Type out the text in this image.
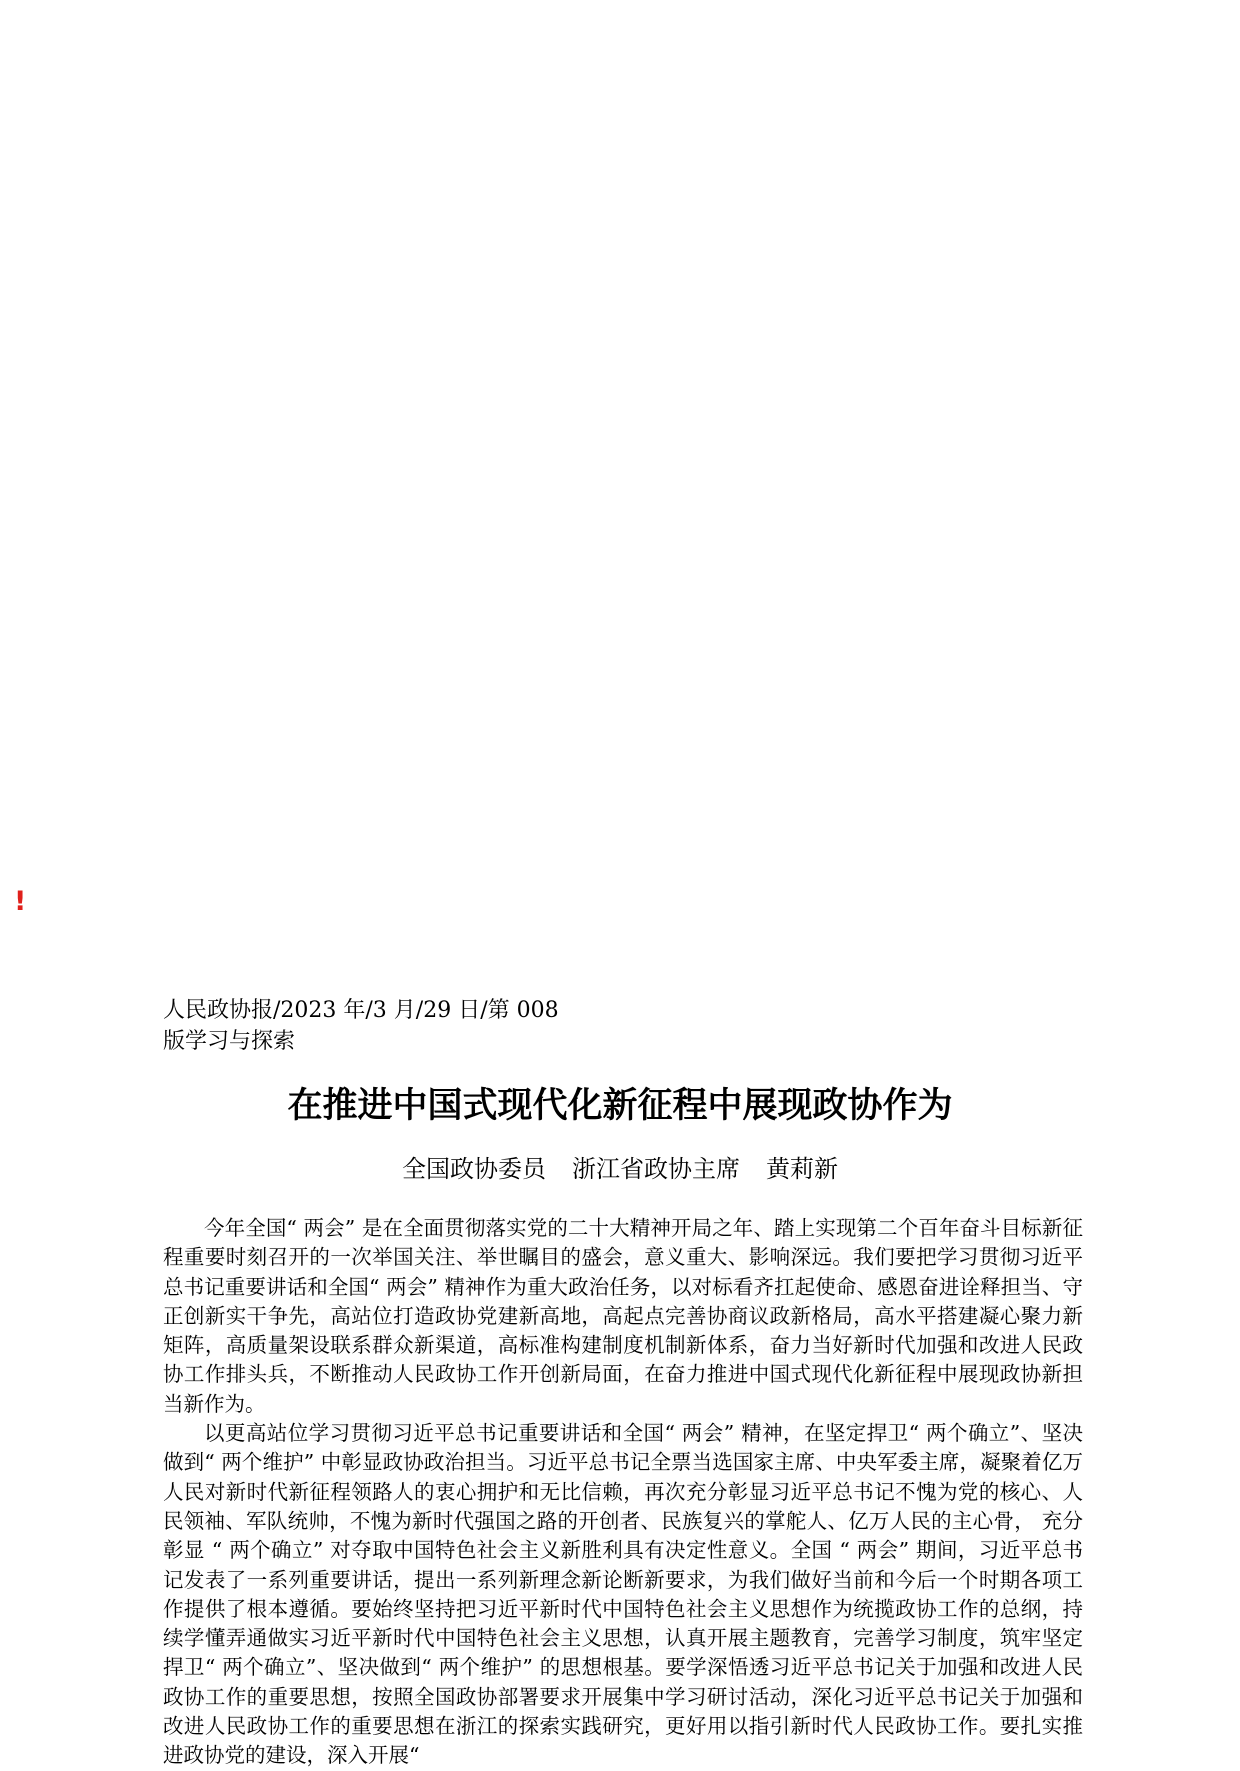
!
人民政协报/2023 年/3 月/29 日/第 008
版学习与探索
在推进中国式现代化新征程中展现政协作为
全国政协委员 浙江省政协主席 黄莉新

今年全国“ 两会” 是在全面贯彻落实党的二十大精神开局之年、踏上实现第二个百年奋斗目标新征程重要时刻召开的一次举国关注、举世瞩目的盛会，意义重大、影响深远。我们要把学习贯彻习近平总书记重要讲话和全国“ 两会” 精神作为重大政治任务，以对标看齐扛起使命、感恩奋进诠释担当、守正创新实干争先，高站位打造政协党建新高地，高起点完善协商议政新格局，高水平搭建凝心聚力新矩阵，高质量架设联系群众新渠道，高标准构建制度机制新体系，奋力当好新时代加强和改进人民政协工作排头兵，不断推动人民政协工作开创新局面，在奋力推进中国式现代化新征程中展现政协新担当新作为。

以更高站位学习贯彻习近平总书记重要讲话和全国“ 两会” 精神，在坚定捍卫“ 两个确立”、坚决做到“ 两个维护” 中彰显政协政治担当。习近平总书记全票当选国家主席、中央军委主席，凝聚着亿万人民对新时代新征程领路人的衷心拥护和无比信赖，再次充分彰显习近平总书记不愧为党的核心、人民领袖、军队统帅，不愧为新时代强国之路的开创者、民族复兴的掌舵人、亿万人民的主心骨， 充分彰显 “ 两个确立” 对夺取中国特色社会主义新胜利具有决定性意义。全国 “ 两会” 期间，习近平总书记发表了一系列重要讲话，提出一系列新理念新论断新要求，为我们做好当前和今后一个时期各项工作提供了根本遵循。要始终坚持把习近平新时代中国特色社会主义思想作为统揽政协工作的总纲，持续学懂弄通做实习近平新时代中国特色社会主义思想，认真开展主题教育，完善学习制度，筑牢坚定捍卫“ 两个确立”、坚决做到“ 两个维护” 的思想根基。要学深悟透习近平总书记关于加强和改进人民政协工作的重要思想，按照全国政协部署要求开展集中学习研讨活动，深化习近平总书记关于加强和改进人民政协工作的重要思想在浙江的探索实践研究，更好用以指引新时代人民政协工作。要扎实推进政协党的建设，深入开展“
